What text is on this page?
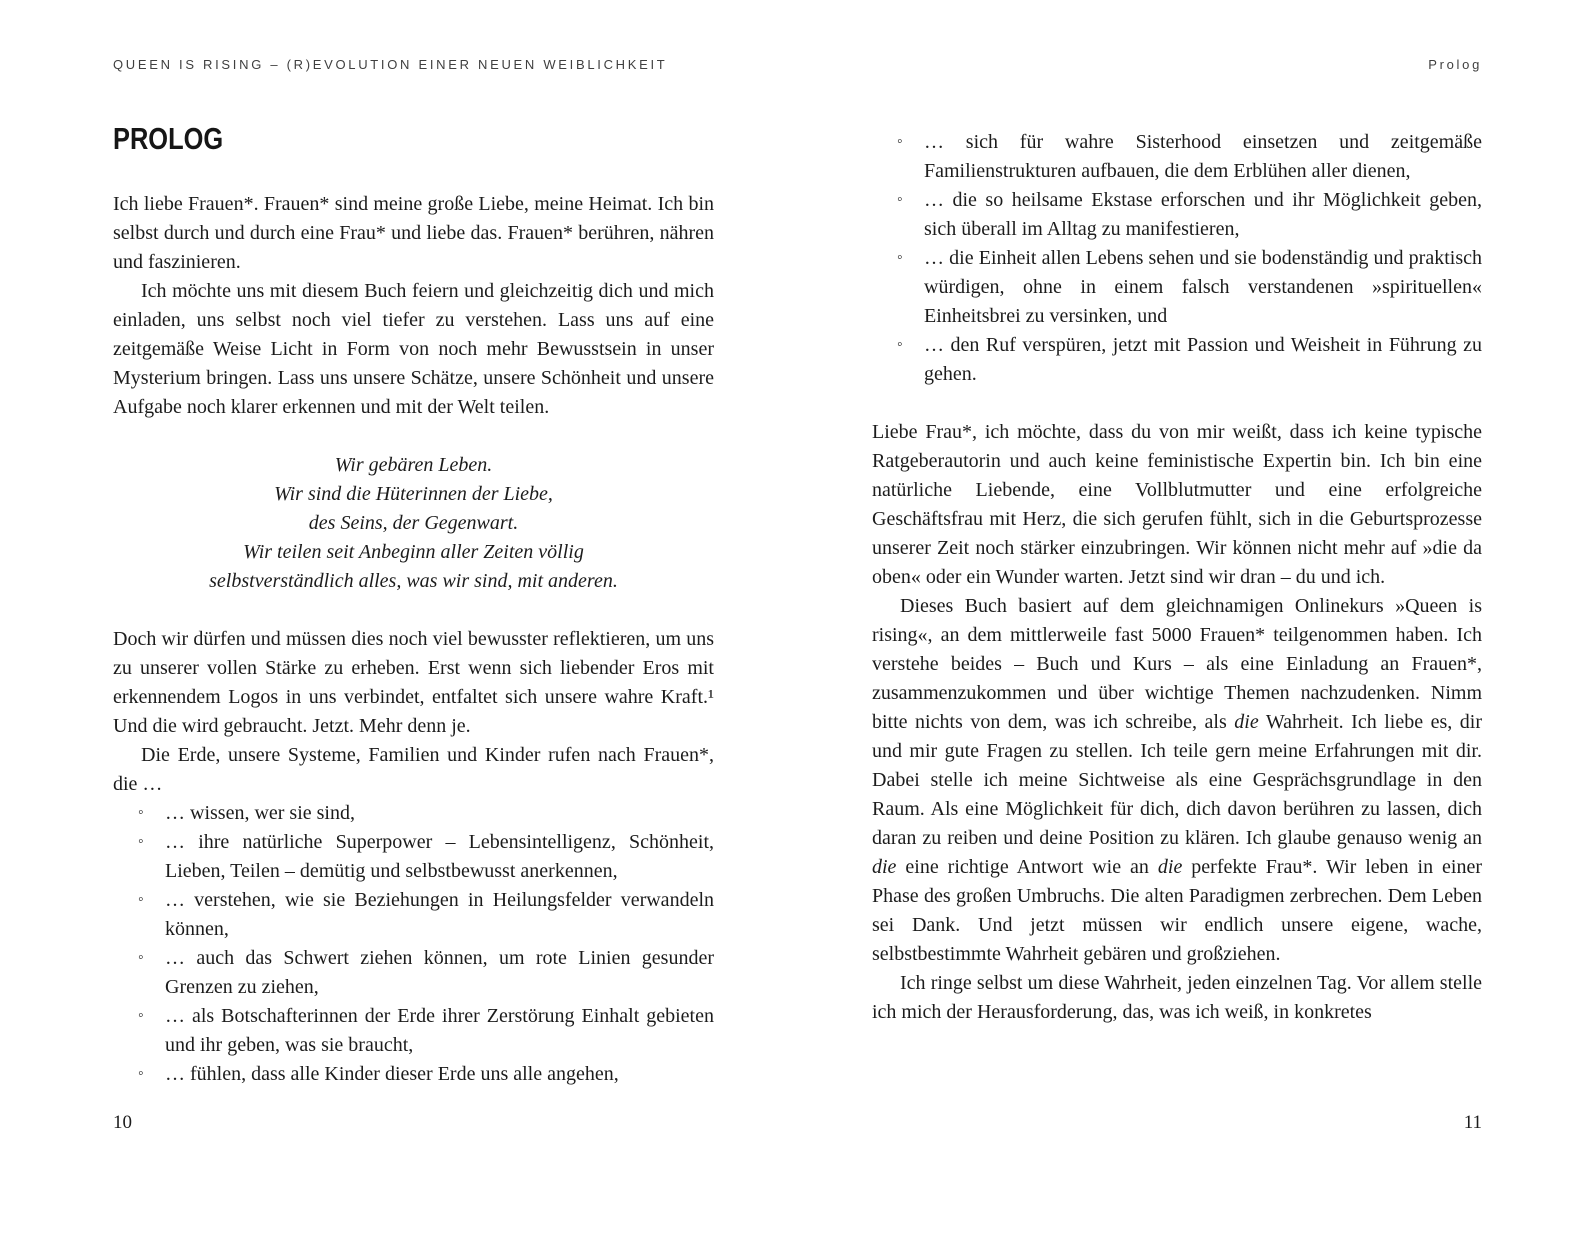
QUEEN IS RISING – (R)EVOLUTION EINER NEUEN WEIBLICHKEIT
PROLOG

Ich liebe Frauen*. Frauen* sind meine große Liebe, meine Heimat. Ich bin selbst durch und durch eine Frau* und liebe das. Frauen* berühren, nähren und faszinieren.

Ich möchte uns mit diesem Buch feiern und gleichzeitig dich und mich einladen, uns selbst noch viel tiefer zu verstehen. Lass uns auf eine zeitgemäße Weise Licht in Form von noch mehr Bewusstsein in unser Mysterium bringen. Lass uns unsere Schätze, unsere Schönheit und unsere Aufgabe noch klarer erkennen und mit der Welt teilen.

Wir gebären Leben.
Wir sind die Hüterinnen der Liebe,
des Seins, der Gegenwart.
Wir teilen seit Anbeginn aller Zeiten völlig
selbstverständlich alles, was wir sind, mit anderen.

Doch wir dürfen und müssen dies noch viel bewusster reflektieren, um uns zu unserer vollen Stärke zu erheben. Erst wenn sich liebender Eros mit erkennendem Logos in uns verbindet, entfaltet sich unsere wahre Kraft.¹ Und die wird gebraucht. Jetzt. Mehr denn je.

Die Erde, unsere Systeme, Familien und Kinder rufen nach Frauen*, die …

◦ … wissen, wer sie sind,
◦ … ihre natürliche Superpower – Lebensintelligenz, Schönheit, Lieben, Teilen – demütig und selbstbewusst anerkennen,
◦ … verstehen, wie sie Beziehungen in Heilungsfelder verwandeln können,
◦ … auch das Schwert ziehen können, um rote Linien gesunder Grenzen zu ziehen,
◦ … als Botschafterinnen der Erde ihrer Zerstörung Einhalt gebieten und ihr geben, was sie braucht,
◦ … fühlen, dass alle Kinder dieser Erde uns alle angehen,
10
Prolog
◦ … sich für wahre Sisterhood einsetzen und zeitgemäße Familienstrukturen aufbauen, die dem Erblühen aller dienen,
◦ … die so heilsame Ekstase erforschen und ihr Möglichkeit geben, sich überall im Alltag zu manifestieren,
◦ … die Einheit allen Lebens sehen und sie bodenständig und praktisch würdigen, ohne in einem falsch verstandenen »spirituellen« Einheitsbrei zu versinken, und
◦ … den Ruf verspüren, jetzt mit Passion und Weisheit in Führung zu gehen.

Liebe Frau*, ich möchte, dass du von mir weißt, dass ich keine typische Ratgeberautorin und auch keine feministische Expertin bin. Ich bin eine natürliche Liebende, eine Vollblutmutter und eine erfolgreiche Geschäftsfrau mit Herz, die sich gerufen fühlt, sich in die Geburtsprozesse unserer Zeit noch stärker einzubringen. Wir können nicht mehr auf »die da oben« oder ein Wunder warten. Jetzt sind wir dran – du und ich.

Dieses Buch basiert auf dem gleichnamigen Onlinekurs »Queen is rising«, an dem mittlerweile fast 5000 Frauen* teilgenommen haben. Ich verstehe beides – Buch und Kurs – als eine Einladung an Frauen*, zusammenzukommen und über wichtige Themen nachzudenken. Nimm bitte nichts von dem, was ich schreibe, als die Wahrheit. Ich liebe es, dir und mir gute Fragen zu stellen. Ich teile gern meine Erfahrungen mit dir. Dabei stelle ich meine Sichtweise als eine Gesprächsgrundlage in den Raum. Als eine Möglichkeit für dich, dich davon berühren zu lassen, dich daran zu reiben und deine Position zu klären. Ich glaube genauso wenig an die eine richtige Antwort wie an die perfekte Frau*. Wir leben in einer Phase des großen Umbruchs. Die alten Paradigmen zerbrechen. Dem Leben sei Dank. Und jetzt müssen wir endlich unsere eigene, wache, selbstbestimmte Wahrheit gebären und großziehen.

Ich ringe selbst um diese Wahrheit, jeden einzelnen Tag. Vor allem stelle ich mich der Herausforderung, das, was ich weiß, in konkretes

11
